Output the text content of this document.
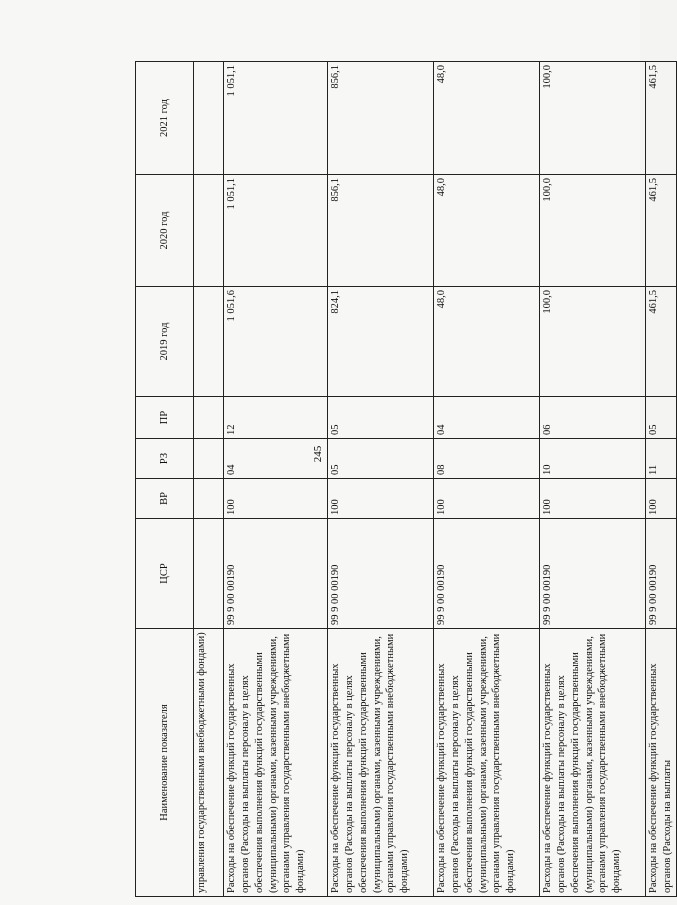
245
Наименование показателя	ЦСР	ВР	РЗ	ПР	2019 год	2020 год	2021 год
управления государственными внебюджетными фондами)							
Расходы на обеспечение функций государственных органов (Расходы на выплаты персоналу в целях обеспечения выполнения функций государственными (муниципальными) органами, казенными учреждениями, органами управления государственными внебюджетными фондами)	99 9 00 00190	100	04	12	1 051,6	1 051,1	1 051,1
Расходы на обеспечение функций государственных органов (Расходы на выплаты персоналу в целях обеспечения выполнения функций государственными (муниципальными) органами, казенными учреждениями, органами управления государственными внебюджетными фондами)	99 9 00 00190	100	05	05	824,1	856,1	856,1
Расходы на обеспечение функций государственных органов (Расходы на выплаты персоналу в целях обеспечения выполнения функций государственными (муниципальными) органами, казенными учреждениями, органами управления государственными внебюджетными фондами)	99 9 00 00190	100	08	04	48,0	48,0	48,0
Расходы на обеспечение функций государственных органов (Расходы на выплаты персоналу в целях обеспечения выполнения функций государственными (муниципальными) органами, казенными учреждениями, органами управления государственными внебюджетными фондами)	99 9 00 00190	100	10	06	100,0	100,0	100,0
Расходы на обеспечение функций государственных органов (Расходы на выплаты	99 9 00 00190	100	11	05	461,5	461,5	461,5
